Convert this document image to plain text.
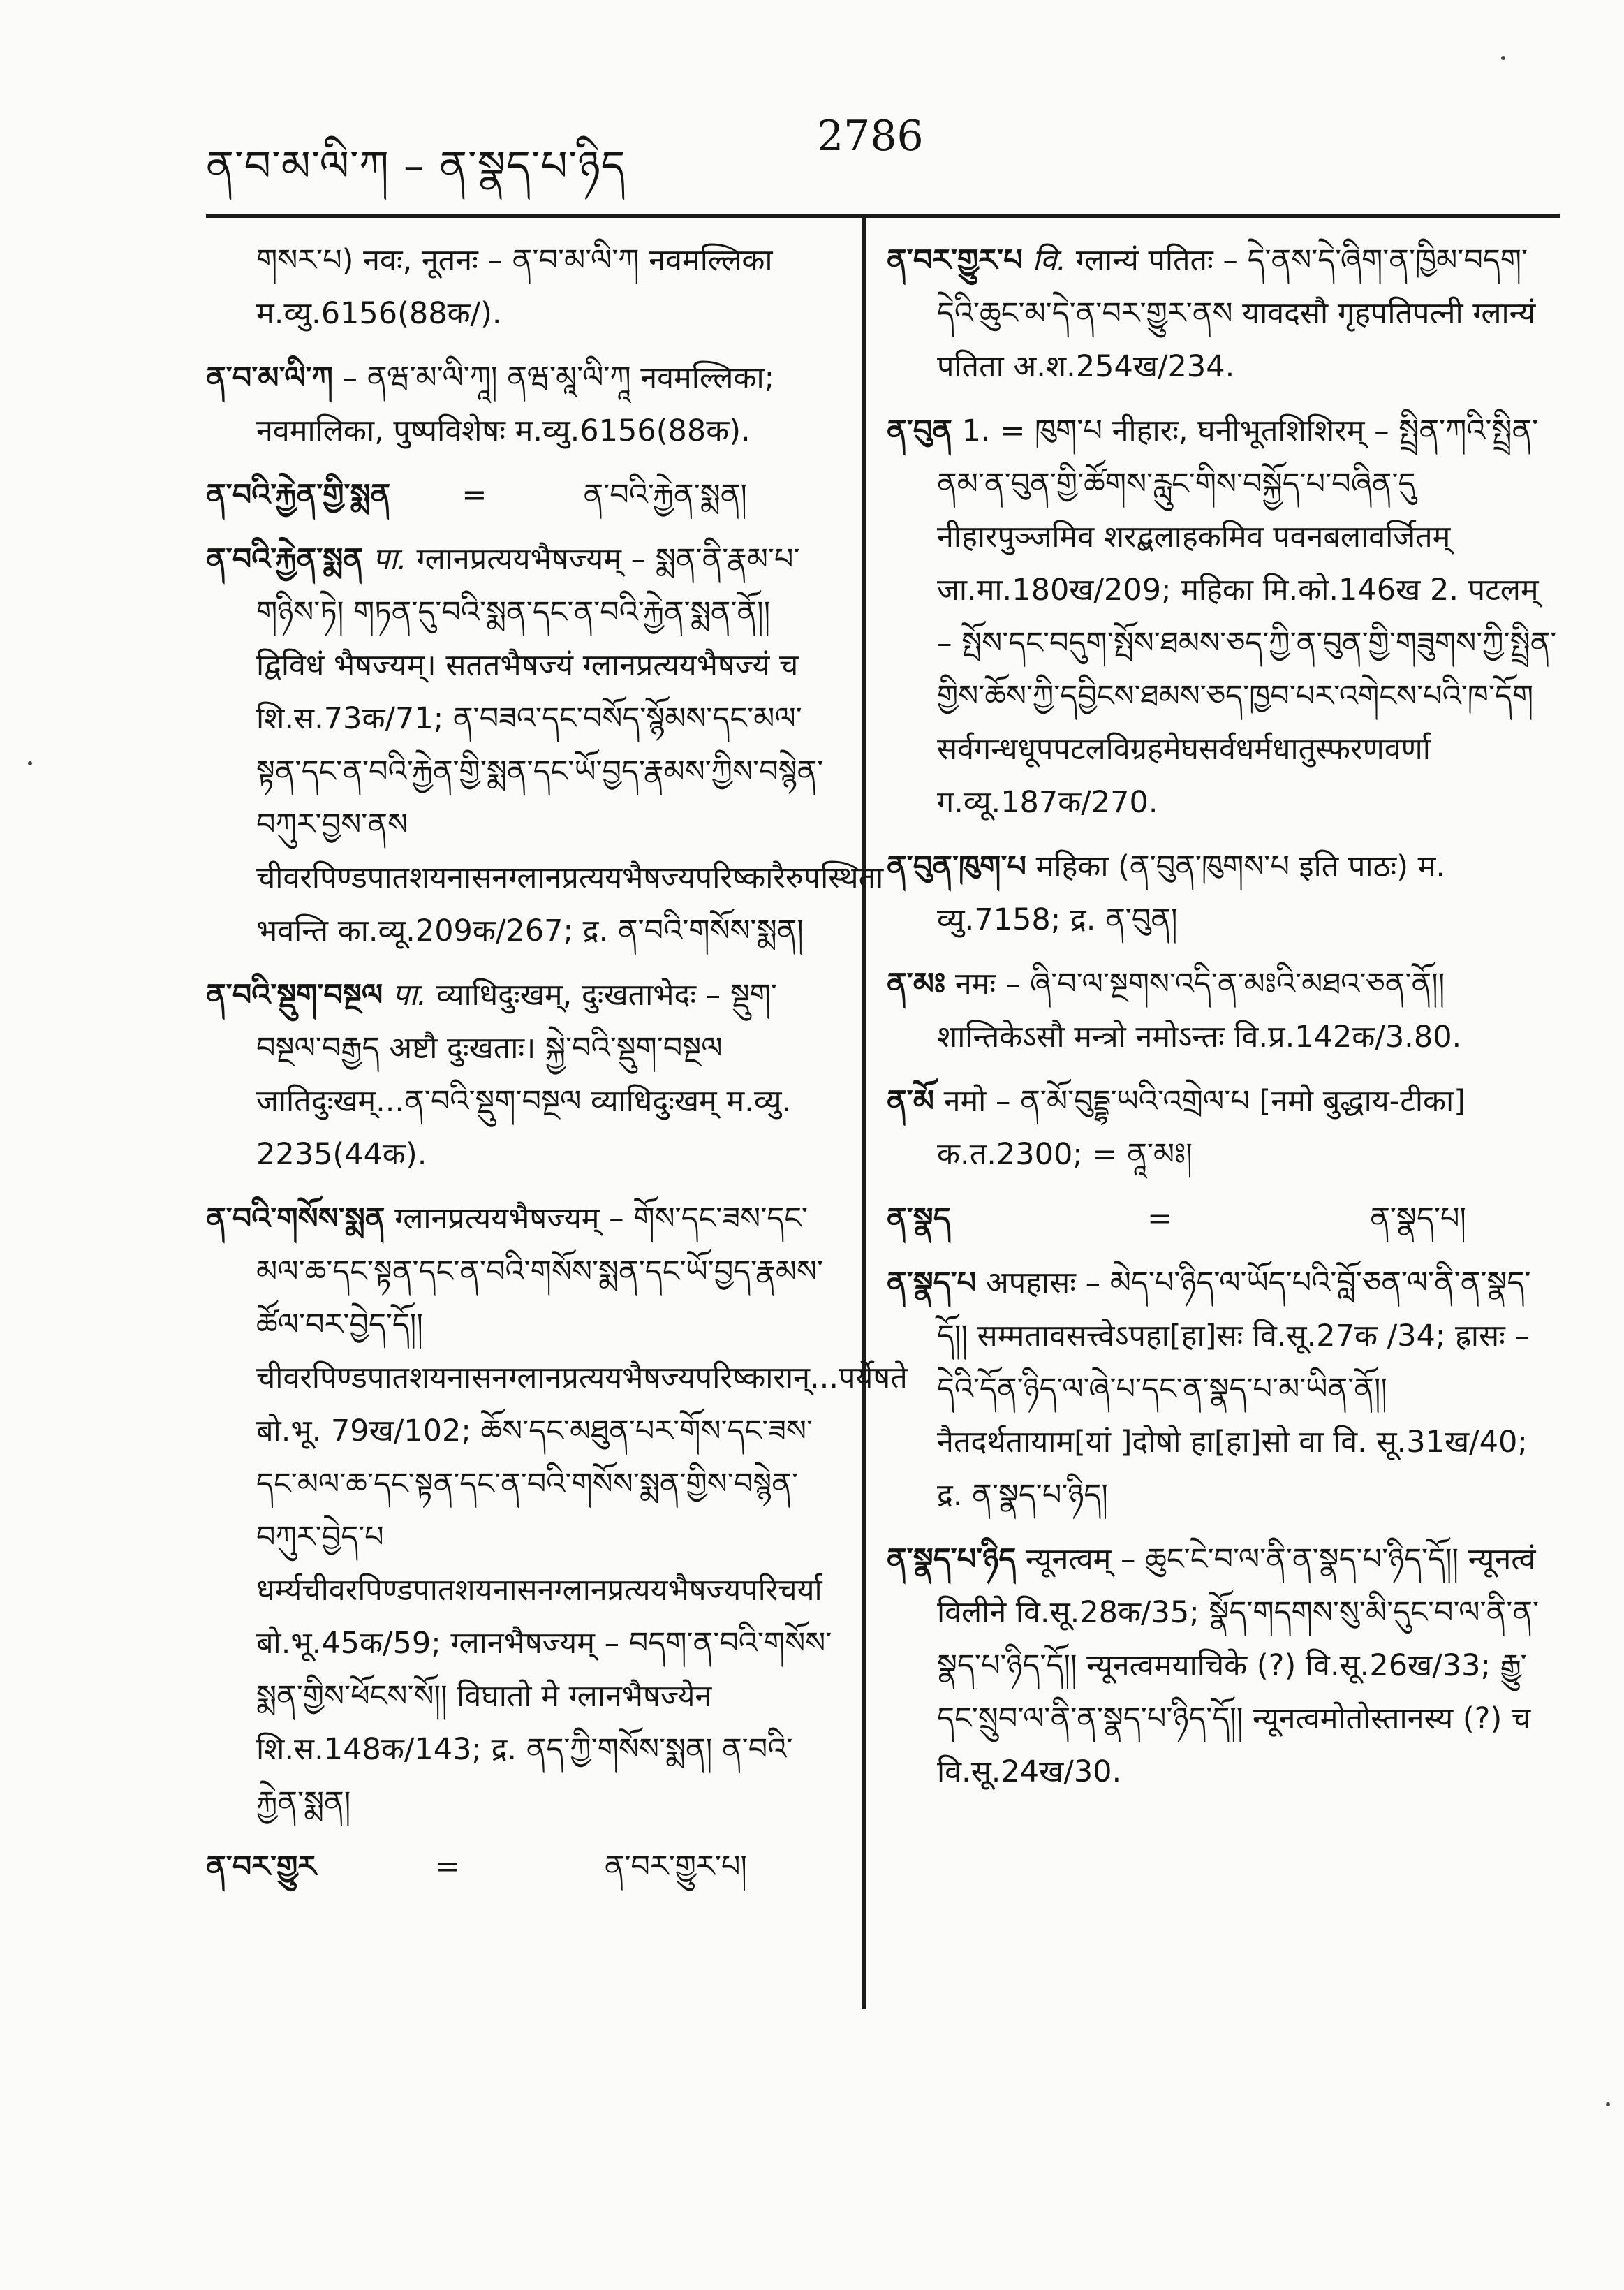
ན་བ་མ་ལི་ཀ – ན་སྣད་པ་ཉིད
2786
གསར་པ) नवः, नूतनः – ན་བ་མ་ལི་ཀ नवमल्लिका म.व्यु.6156(88क/).
ན་བ་མ་ལི་ཀ – ནཝ་མ་ལི་ཀཱ། ནཝ་མཱ་ལི་ཀཱ नवमल्लिका; नवमालिका, पुष्पविशेषः म.व्यु.6156(88क).
ན་བའི་རྐྱེན་གྱི་སྨན =	ན་བའི་རྐྱེན་སྨན།
ན་བའི་རྐྱེན་སྨན पा. ग्लानप्रत्ययभैषज्यम् – སྨན་ནི་རྣམ་པ་གཉིས་ཏེ། གཏན་དུ་བའི་སྨན་དང་ན་བའི་རྐྱེན་སྨན་ནོ།། द्विविधं भैषज्यम्। सततभैषज्यं ग्लानप्रत्ययभैषज्यं च शि.स.73क/71; ན་བཟའ་དང་བསོད་སྙོམས་དང་མལ་སྟན་དང་ན་བའི་རྐྱེན་གྱི་སྨན་དང་ཡོ་བྱད་རྣམས་ཀྱིས་བསྙེན་བཀུར་བྱས་ནས चीवरपिण्डपातशयनासनग्लानप्रत्ययभैषज्यपरिष्कारैरुपस्थिता भवन्ति का.व्यू.209क/267; द्र. ན་བའི་གསོས་སྨན།
ན་བའི་སྡུག་བསྔལ पा. व्याधिदुःखम्, दुःखताभेदः – སྡུག་བསྔལ་བརྒྱད अष्टौ दुःखताः। སྐྱེ་བའི་སྡུག་བསྔལ जातिदुःखम्...ན་བའི་སྡུག་བསྔལ व्याधिदुःखम् म.व्यु. 2235(44क).
ན་བའི་གསོས་སྨན ग्लानप्रत्ययभैषज्यम् – གོས་དང་ཟས་དང་མལ་ཆ་དང་སྟན་དང་ན་བའི་གསོས་སྨན་དང་ཡོ་བྱད་རྣམས་ཚོལ་བར་བྱེད་དོ།། चीवरपिण्डपातशयनासनग्लानप्रत्ययभैषज्यपरिष्कारान्...पर्येषते बो.भू. 79ख/102; ཆོས་དང་མཐུན་པར་གོས་དང་ཟས་དང་མལ་ཆ་དང་སྟན་དང་ན་བའི་གསོས་སྨན་གྱིས་བསྙེན་བཀུར་བྱེད་པ धर्म्यचीवरपिण्डपातशयनासनग्लानप्रत्ययभैषज्यपरिचर्या बो.भू.45क/59; ग्लानभैषज्यम् – བདག་ན་བའི་གསོས་སྨན་གྱིས་ཕོངས་སོ།། विघातो मे ग्लानभैषज्येन शि.स.148क/143; द्र. ནད་ཀྱི་གསོས་སྨན། ན་བའི་རྐྱེན་སྨན།
ན་བར་གྱུར	=	ན་བར་གྱུར་པ།
ན་བར་གྱུར་པ वि. ग्लान्यं पतितः – དེ་ནས་དེ་ཞིག་ན་ཁྱིམ་བདག་དེའི་ཆུང་མ་དེ་ན་བར་གྱུར་ནས यावदसौ गृहपतिपत्नी ग्लान्यं पतिता अ.श.254ख/234.
ན་བུན 1. = ཁུག་པ नीहारः, घनीभूतशिशिरम् – སྤྲིན་ཀའི་སྤྲིན་ནམ་ན་བུན་གྱི་ཚོགས་རླུང་གིས་བསྐྱོད་པ་བཞིན་དུ नीहारपुञ्जमिव शरद्बलाहकमिव पवनबलावर्जितम् जा.मा.180ख/209; महिका मि.को.146ख 2. पटलम् – སྤོས་དང་བདུག་སྤོས་ཐམས་ཅད་ཀྱི་ན་བུན་གྱི་གཟུགས་ཀྱི་སྤྲིན་གྱིས་ཆོས་ཀྱི་དབྱིངས་ཐམས་ཅད་ཁྱབ་པར་འགེངས་པའི་ཁ་དོག सर्वगन्धधूपपटलविग्रहमेघसर्वधर्मधातुस्फरणवर्णा ग.व्यू.187क/270.
ན་བུན་ཁུག་པ महिका (ན་བུན་ཁུགས་པ इति पाठः) म. व्यु.7158; द्र. ན་བུན།
ན་མཿ नमः – ཞི་བ་ལ་སྔགས་འདི་ན་མཿའི་མཐའ་ཅན་ནོ།། शान्तिकेऽसौ मन्त्रो नमोऽन्तः वि.प्र.142क/3.80.
ན་མོ नमो – ན་མོ་བུདྡྷ་ཡའི་འགྲེལ་པ [नमो बुद्धाय-टीका] क.त.2300; = ནཱ་མཿ།
ན་སྣད	=	ན་སྣད་པ།
ན་སྣད་པ अपहासः – མེད་པ་ཉིད་ལ་ཡོད་པའི་བློ་ཅན་ལ་ནི་ན་སྣད་དོ།། सम्मतावसत्त्वेऽपहा[हा]सः वि.सू.27क /34; ह्रासः – དེའི་དོན་ཉིད་ལ་ཞེ་པ་དང་ན་སྣད་པ་མ་ཡིན་ནོ།། नैतदर्थतायाम[यां ]दोषो हा[हा]सो वा वि. सू.31ख/40; द्र. ན་སྣད་པ་ཉིད།
ན་སྣད་པ་ཉིད न्यूनत्वम् – ཆུང་ངེ་བ་ལ་ནི་ན་སྣད་པ་ཉིད་དོ།། न्यूनत्वं विलीने वि.सू.28क/35; སྣོད་གདགས་སུ་མི་དུང་བ་ལ་ནི་ན་སྣད་པ་ཉིད་དོ།། न्यूनत्वमयाचिके (?) वि.सू.26ख/33; རྒྱུ་དང་སྲུབ་ལ་ནི་ན་སྣད་པ་ཉིད་དོ།། न्यूनत्वमोतोस्तानस्य (?) च वि.सू.24ख/30.
